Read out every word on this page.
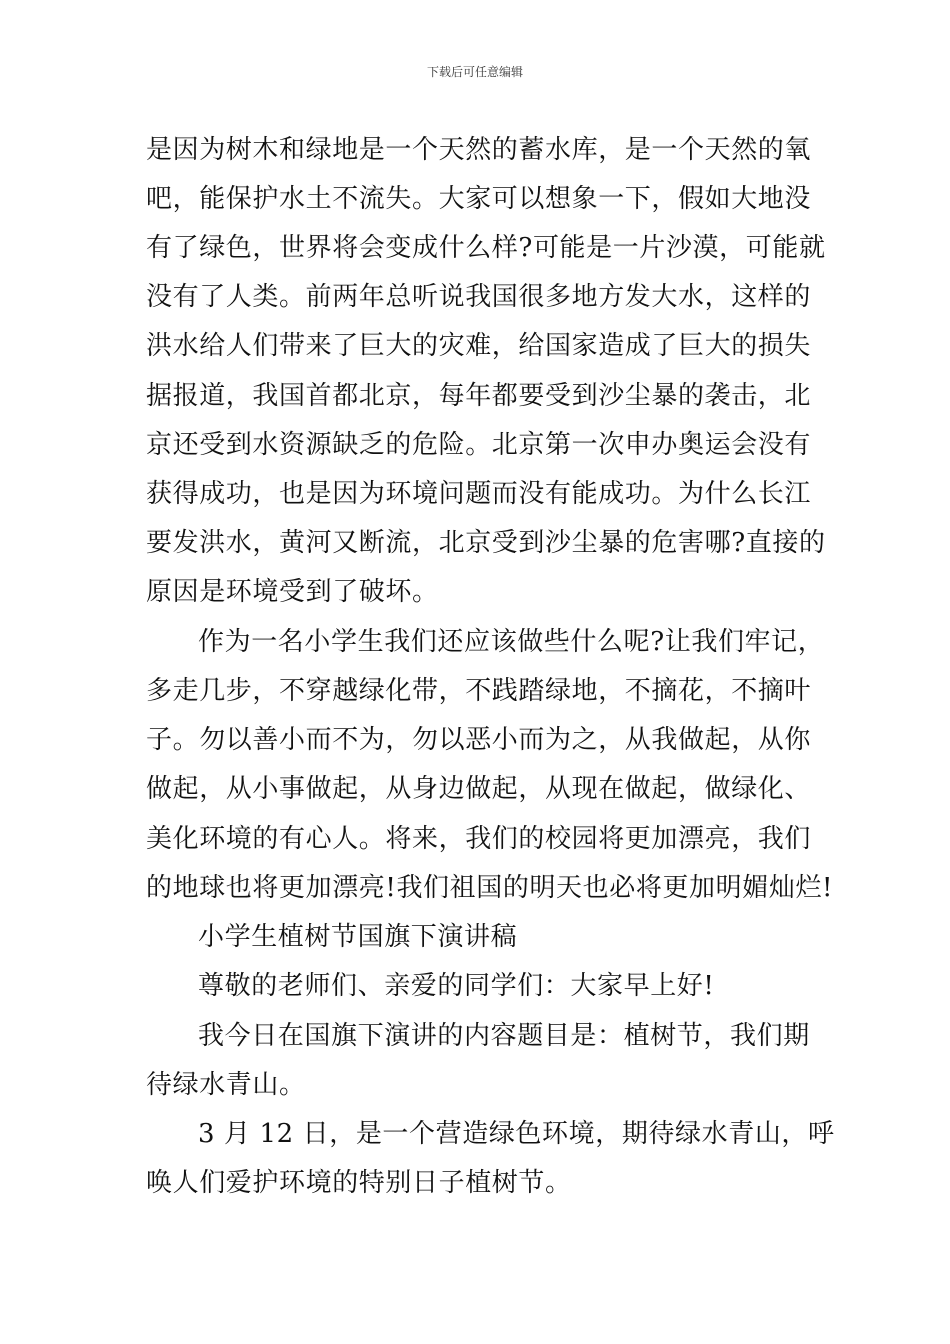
下载后可任意编辑
是因为树木和绿地是一个天然的蓄水库，是一个天然的氧
吧，能保护水土不流失。大家可以想象一下，假如大地没
有了绿色，世界将会变成什么样?可能是一片沙漠，可能就
没有了人类。前两年总听说我国很多地方发大水，这样的
洪水给人们带来了巨大的灾难，给国家造成了巨大的损失
据报道，我国首都北京，每年都要受到沙尘暴的袭击，北
京还受到水资源缺乏的危险。北京第一次申办奥运会没有
获得成功，也是因为环境问题而没有能成功。为什么长江
要发洪水，黄河又断流，北京受到沙尘暴的危害哪?直接的
原因是环境受到了破坏。
作为一名小学生我们还应该做些什么呢?让我们牢记，
多走几步，不穿越绿化带，不践踏绿地，不摘花，不摘叶
子。勿以善小而不为，勿以恶小而为之，从我做起，从你
做起，从小事做起，从身边做起，从现在做起，做绿化、
美化环境的有心人。将来，我们的校园将更加漂亮，我们
的地球也将更加漂亮!我们祖国的明天也必将更加明媚灿烂!
小学生植树节国旗下演讲稿
尊敬的老师们、亲爱的同学们：大家早上好!
我今日在国旗下演讲的内容题目是：植树节，我们期
待绿水青山。
3 月 12 日，是一个营造绿色环境，期待绿水青山，呼
唤人们爱护环境的特别日子植树节。
